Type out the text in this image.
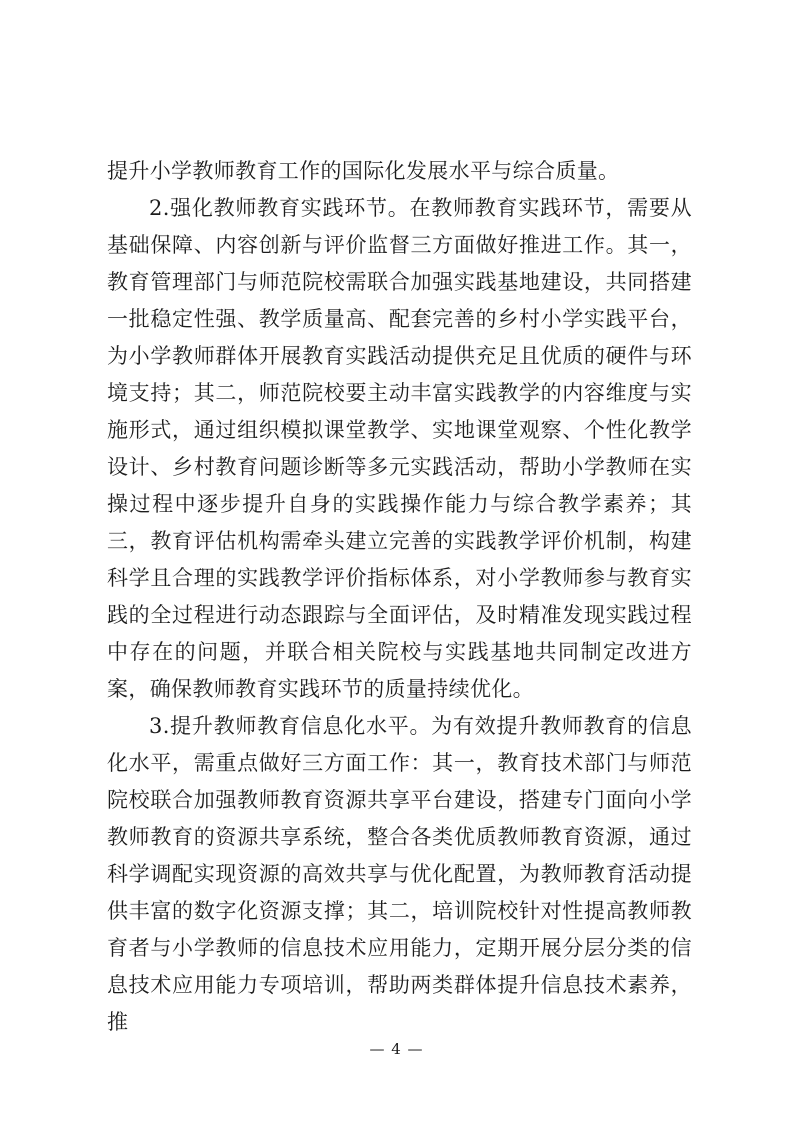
提升小学教师教育工作的国际化发展水平与综合质量。

2.强化教师教育实践环节。在教师教育实践环节，需要从基础保障、内容创新与评价监督三方面做好推进工作。其一，教育管理部门与师范院校需联合加强实践基地建设，共同搭建一批稳定性强、教学质量高、配套完善的乡村小学实践平台，为小学教师群体开展教育实践活动提供充足且优质的硬件与环境支持；其二，师范院校要主动丰富实践教学的内容维度与实施形式，通过组织模拟课堂教学、实地课堂观察、个性化教学设计、乡村教育问题诊断等多元实践活动，帮助小学教师在实操过程中逐步提升自身的实践操作能力与综合教学素养；其三，教育评估机构需牵头建立完善的实践教学评价机制，构建科学且合理的实践教学评价指标体系，对小学教师参与教育实践的全过程进行动态跟踪与全面评估，及时精准发现实践过程中存在的问题，并联合相关院校与实践基地共同制定改进方案，确保教师教育实践环节的质量持续优化。

3.提升教师教育信息化水平。为有效提升教师教育的信息化水平，需重点做好三方面工作：其一，教育技术部门与师范院校联合加强教师教育资源共享平台建设，搭建专门面向小学教师教育的资源共享系统，整合各类优质教师教育资源，通过科学调配实现资源的高效共享与优化配置，为教师教育活动提供丰富的数字化资源支撑；其二，培训院校针对性提高教师教育者与小学教师的信息技术应用能力，定期开展分层分类的信息技术应用能力专项培训，帮助两类群体提升信息技术素养，推

— 4 —
